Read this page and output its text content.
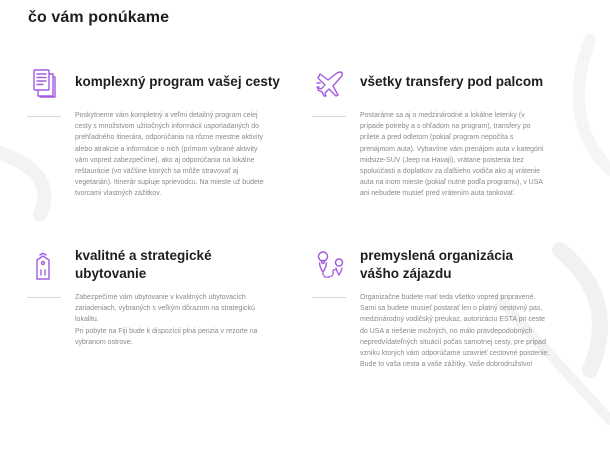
čo vám ponúkame
komplexný program vašej cesty

Poskytneme vám kompletný a veľmi detailný program celej cesty s množstvom užitočných informácií usporiadaných do prehľadného itinerára, odporúčania na rôzne miestne aktivity alebo atrakcie a informácie o nich (prímom vybrané aktivity vám vopred zabezpečíme), ako aj odporúčania na lokálne reštaurácie (vo väčšine ktorých sa môže stravovať aj vegetarián). Itinerár supluje sprievodcu. Na mieste už budete tvorcami vlastných zážitkov.

všetky transfery pod palcom

Postaráme sa aj o medzinárodné a lokálne letenky (v prípade potreby a s ohľadom na program), transfery po prílete a pred odletom (pokiaľ program nepočíta s prenájmom auta). Vybavíme vám prenájom auta v kategórii midsize-SUV (Jeep na Havaji), vrátane poistenia bez spoluúčasti a doplatkov za ďalšieho vodiča ako aj vrátenie auta na inom mieste (pokiaľ nutné podľa programu), v USA ani nebudete musieť pred vrátením auta tankovať.

kvalitné a strategické ubytovanie

Zabezpečíme vám ubytovanie v kvalitných ubytovacích zariadeniach, vybraných s veľkým dôrazom na strategickú lokalitu.

Pri pobyte na Fiji bude k dispozícii plná penzia v rezorte na vybranom ostrove.

premyslená organizácia vášho zájazdu

Organizačne budete mať teda všetko vopred pripravené. Sami sa budete musieť postarať len o platný cestovný pas, medzinárodný vodičský preukaz, autorizáciu ESTA pri ceste do USA a riešenie možných, no málo pravdepodobných nepredvídateľných situácií počas samotnej cesty, pre prípad vzniku ktorých vám odporúčame uzavrieť cestovné poistenie. Bude to vaša cesta a vaše zážitky. Vaše dobrodružstvo!
